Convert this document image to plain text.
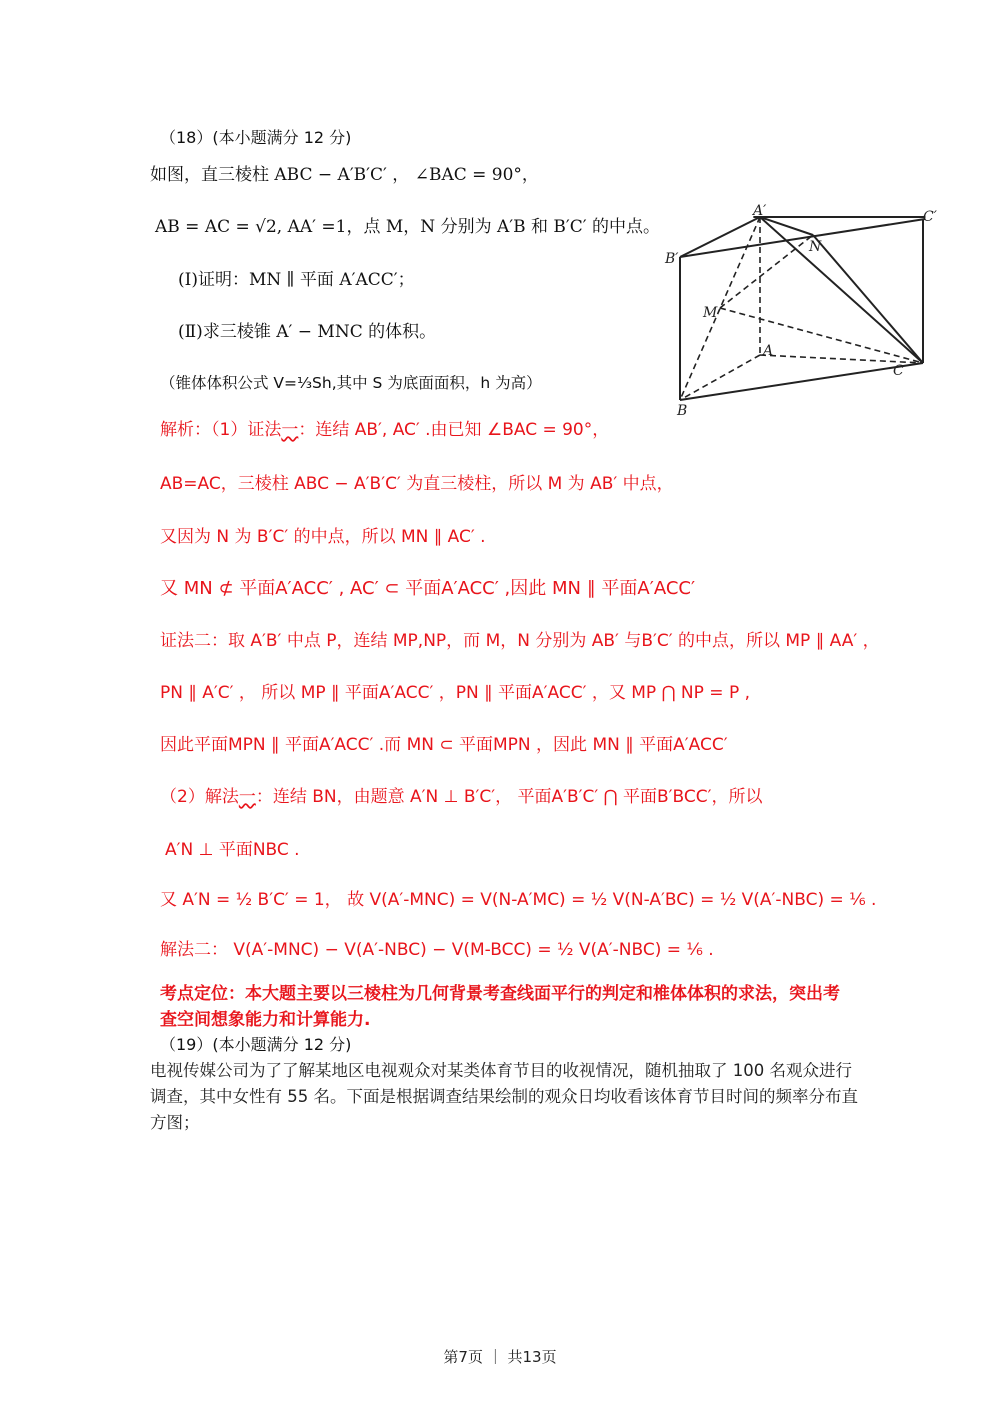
（18）(本小题满分 12 分)
如图，直三棱柱 ABC − A′B′C′ ， ∠BAC = 90°，
AB = AC = √2, AA′ =1，点 M，N 分别为 A′B 和 B′C′ 的中点。
(Ⅰ)证明：MN ∥ 平面 A′ACC′；
(Ⅱ)求三棱锥 A′ − MNC 的体积。
（锥体体积公式 V=⅓Sh,其中 S 为底面面积，h 为高）
A′	C′
B′
N
M
A
C
B
解析：（1）证法一：连结 AB′, AC′ .由已知 ∠BAC = 90°，
AB=AC，三棱柱 ABC − A′B′C′ 为直三棱柱，所以 M 为 AB′ 中点，
又因为 N 为 B′C′ 的中点，所以 MN ∥ AC′ .
又 MN ⊄ 平面A′ACC′ , AC′ ⊂ 平面A′ACC′ ,因此 MN ∥ 平面A′ACC′
证法二：取 A′B′ 中点 P，连结 MP,NP，而 M，N 分别为 AB′ 与B′C′ 的中点，所以 MP ∥ AA′ ，
PN ∥ A′C′ ， 所以 MP ∥ 平面A′ACC′ ，PN ∥ 平面A′ACC′ ，又 MP ⋂ NP = P ,
因此平面MPN ∥ 平面A′ACC′ .而 MN ⊂ 平面MPN ，因此 MN ∥ 平面A′ACC′
（2）解法一：连结 BN，由题意 A′N ⊥ B′C′， 平面A′B′C′ ⋂ 平面B′BCC′，所以
A′N ⊥ 平面NBC .
又 A′N = ½ B′C′ = 1， 故 V(A′-MNC) = V(N-A′MC) = ½ V(N-A′BC) = ½ V(A′-NBC) = ⅙ .
解法二： V(A′-MNC) − V(A′-NBC) − V(M-BCC) = ½ V(A′-NBC) = ⅙ .
考点定位：本大题主要以三棱柱为几何背景考查线面平行的判定和椎体体积的求法，突出考
查空间想象能力和计算能力.
（19）(本小题满分 12 分)
电视传媒公司为了了解某地区电视观众对某类体育节目的收视情况，随机抽取了 100 名观众进行调查，其中女性有 55 名。下面是根据调查结果绘制的观众日均收看该体育节目时间的频率分布直方图；
第7页 ｜ 共13页
